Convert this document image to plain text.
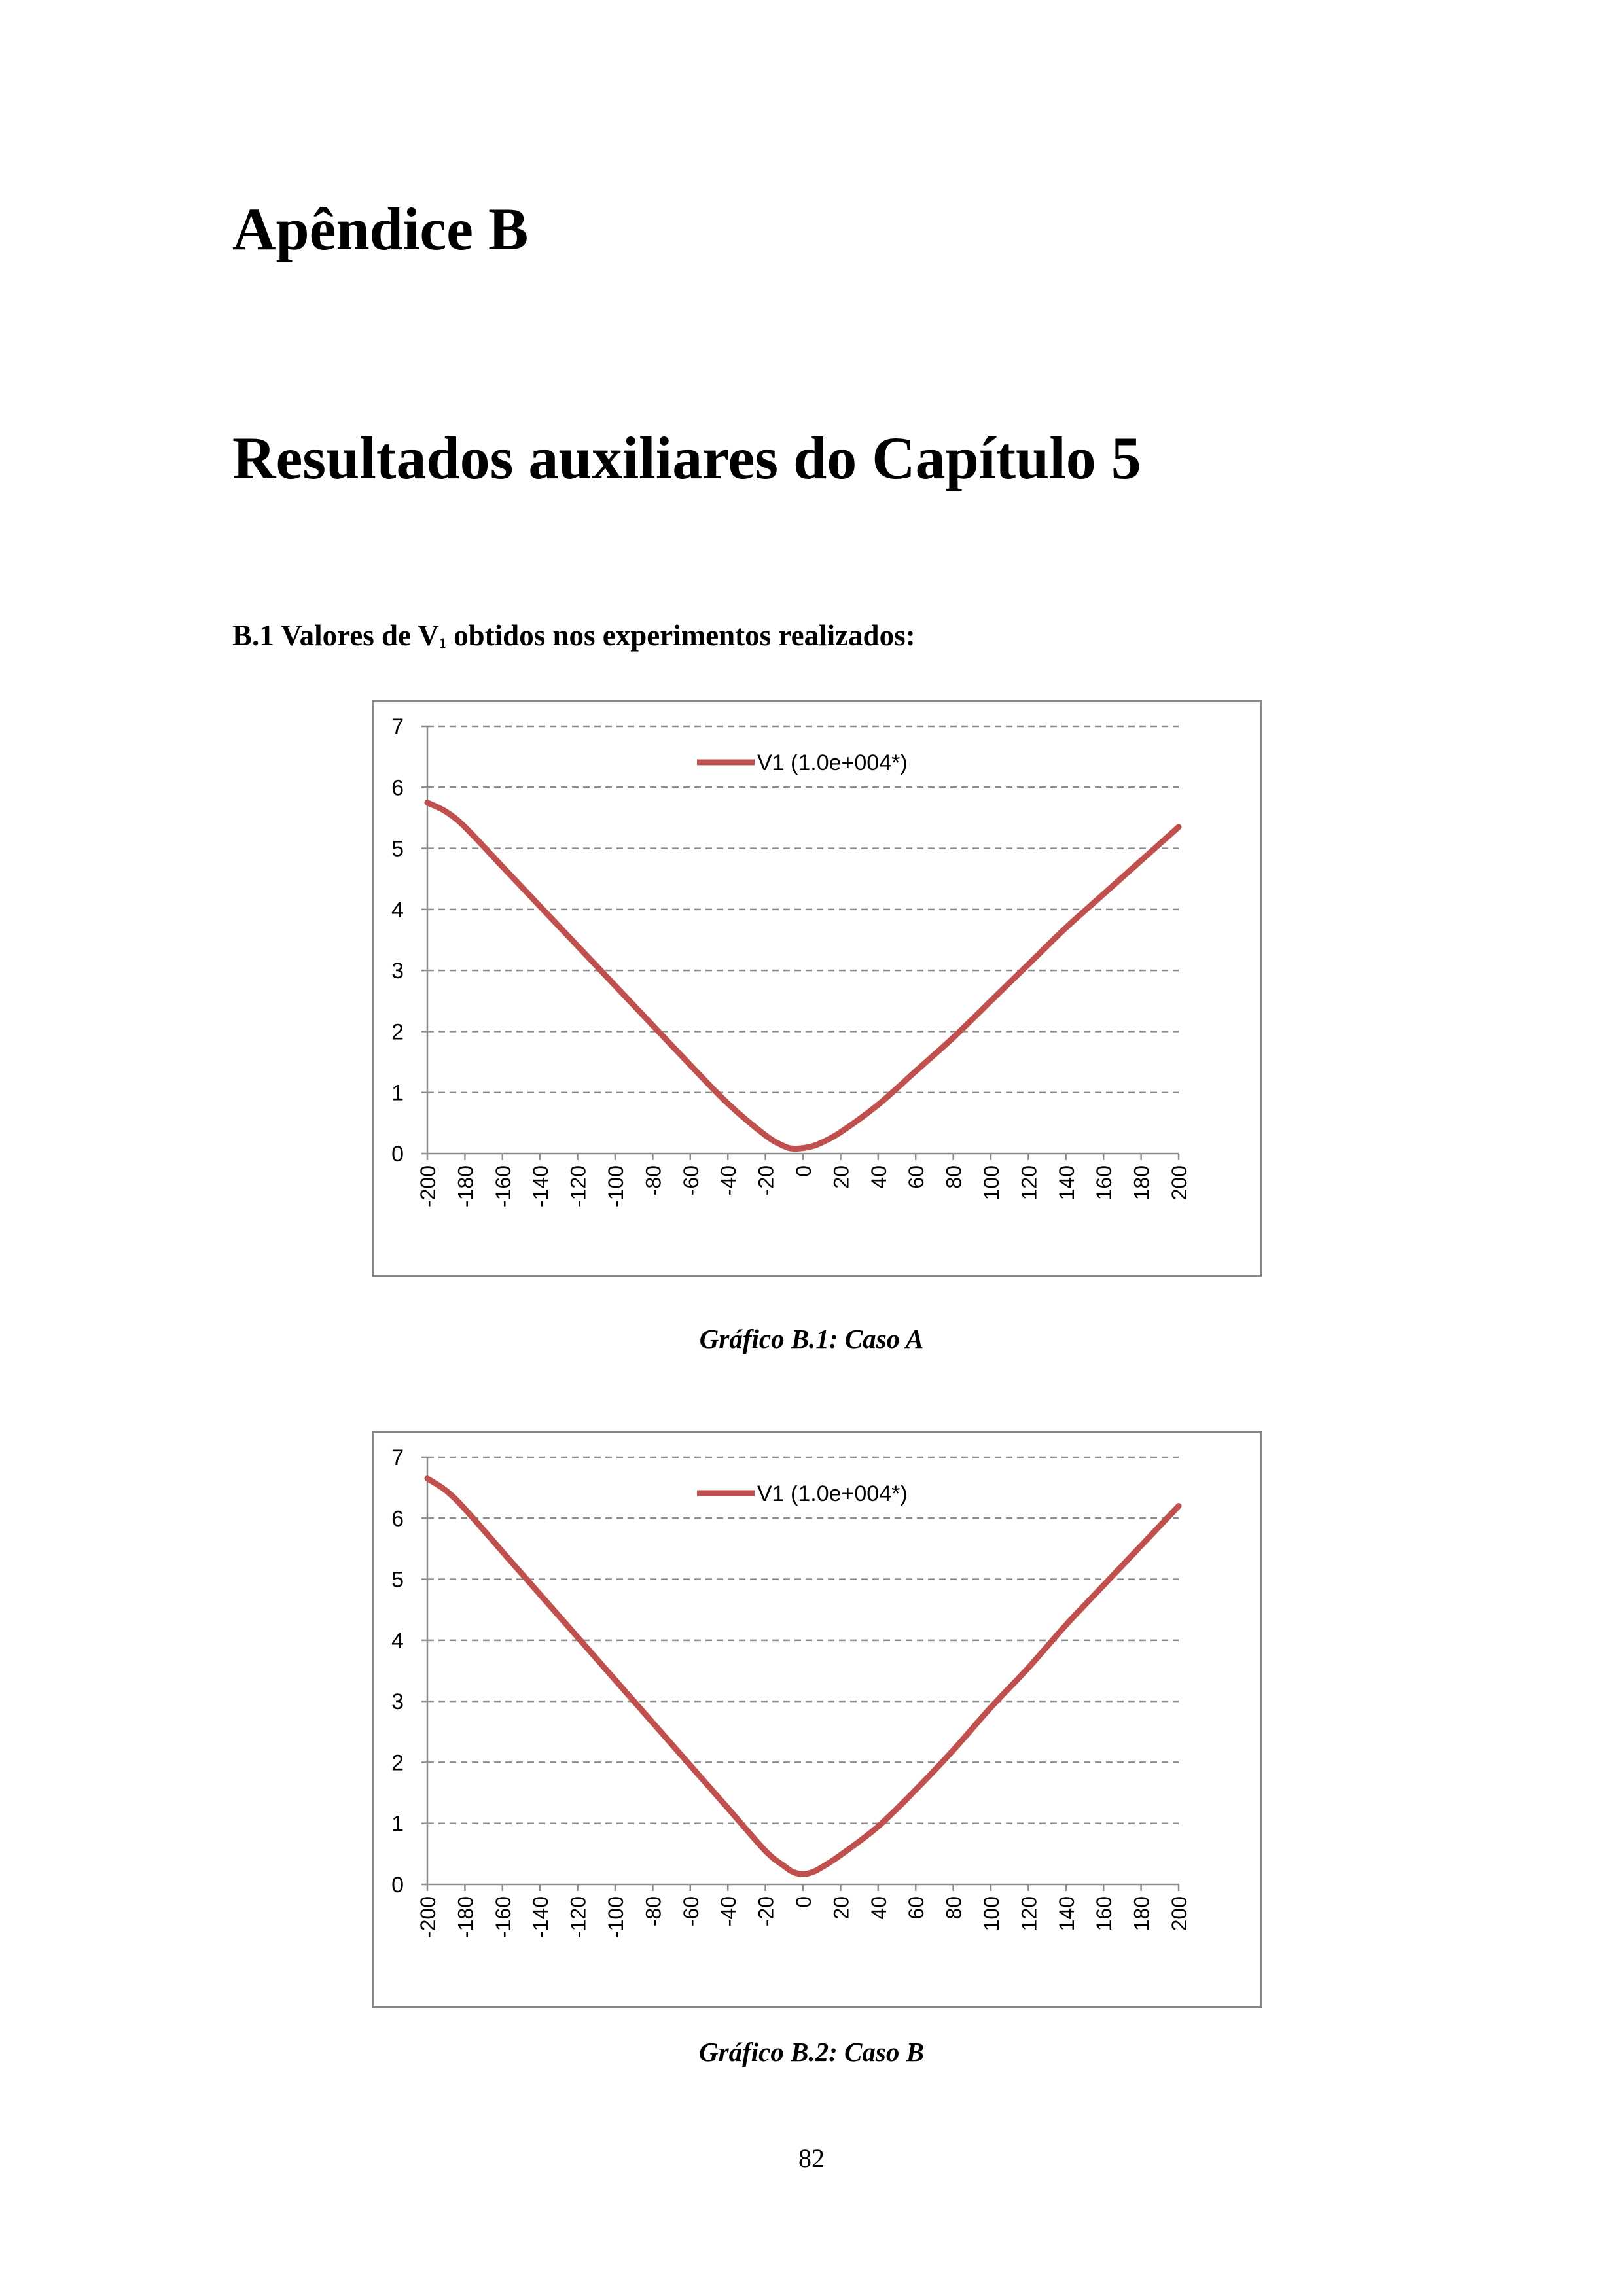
Apêndice B
Resultados auxiliares do Capítulo 5

B.1 Valores de $V_1$ obtidos nos experimentos realizados:

0
1
2
3
4
5
6
7
-200 -180 -160 -140 -120 -100 -80 -60 -40 -20 0 20 40 60 80 100 120 140 160 180 200
V1 (1.0e+004*)

Gráfico B.1: Caso A

0
1
2
3
4
5
6
7
-200 -180 -160 -140 -120 -100 -80 -60 -40 -20 0 20 40 60 80 100 120 140 160 180 200
V1 (1.0e+004*)

Gráfico B.2: Caso B

82
